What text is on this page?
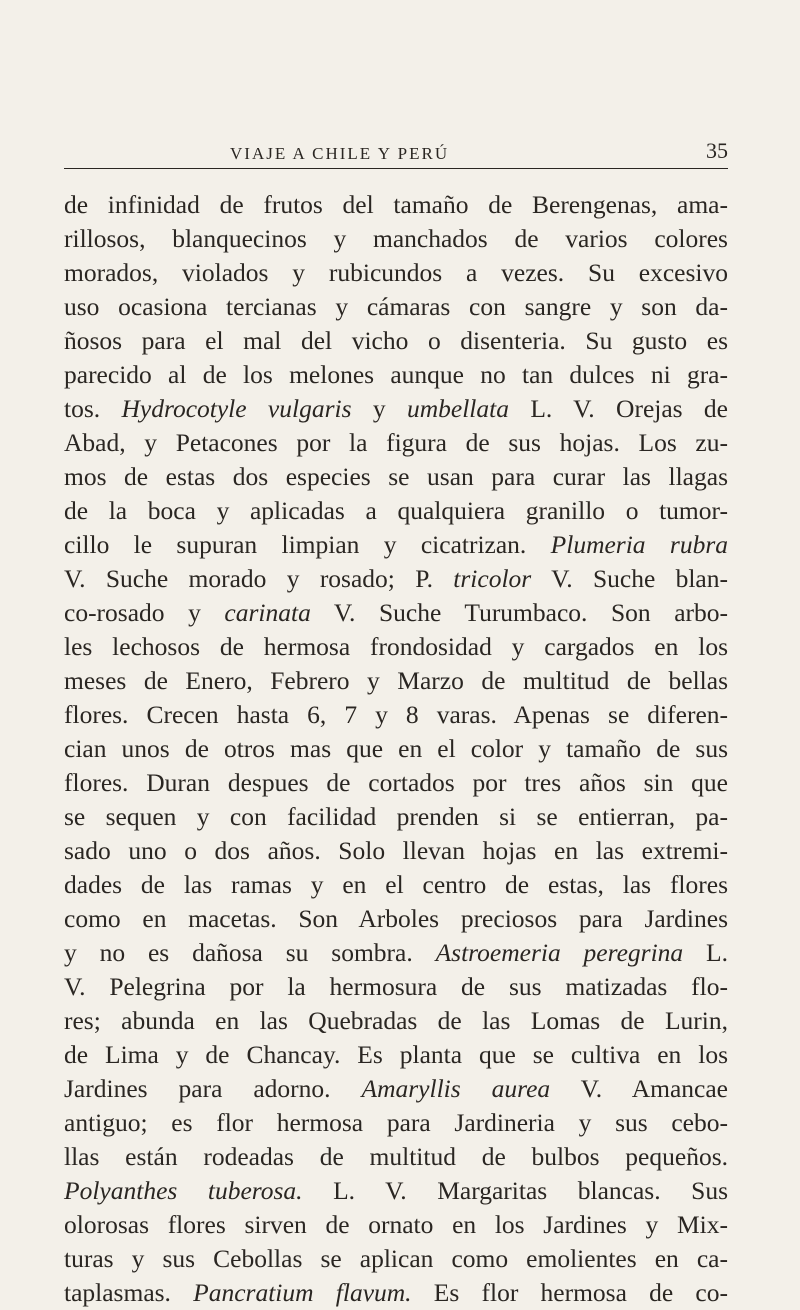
VIAJE A CHILE Y PERÚ	35
de infinidad de frutos del tamaño de Berengenas, ama-
rillosos, blanquecinos y manchados de varios colores
morados, violados y rubicundos a vezes. Su excesivo
uso ocasiona tercianas y cámaras con sangre y son da-
ñosos para el mal del vicho o disenteria. Su gusto es
parecido al de los melones aunque no tan dulces ni gra-
tos. Hydrocotyle vulgaris y umbellata L. V. Orejas de
Abad, y Petacones por la figura de sus hojas. Los zu-
mos de estas dos especies se usan para curar las llagas
de la boca y aplicadas a qualquiera granillo o tumor-
cillo le supuran limpian y cicatrizan. Plumeria rubra
V. Suche morado y rosado; P. tricolor V. Suche blan-
co-rosado y carinata V. Suche Turumbaco. Son arbo-
les lechosos de hermosa frondosidad y cargados en los
meses de Enero, Febrero y Marzo de multitud de bellas
flores. Crecen hasta 6, 7 y 8 varas. Apenas se diferen-
cian unos de otros mas que en el color y tamaño de sus
flores. Duran despues de cortados por tres años sin que
se sequen y con facilidad prenden si se entierran, pa-
sado uno o dos años. Solo llevan hojas en las extremi-
dades de las ramas y en el centro de estas, las flores
como en macetas. Son Arboles preciosos para Jardines
y no es dañosa su sombra. Astroemeria peregrina L.
V. Pelegrina por la hermosura de sus matizadas flo-
res; abunda en las Quebradas de las Lomas de Lurin,
de Lima y de Chancay. Es planta que se cultiva en los
Jardines para adorno. Amaryllis aurea V. Amancae
antiguo; es flor hermosa para Jardineria y sus cebo-
llas están rodeadas de multitud de bulbos pequeños.
Polyanthes tuberosa. L. V. Margaritas blancas. Sus
olorosas flores sirven de ornato en los Jardines y Mix-
turas y sus Cebollas se aplican como emolientes en ca-
taplasmas. Pancratium flavum. Es flor hermosa de co-
